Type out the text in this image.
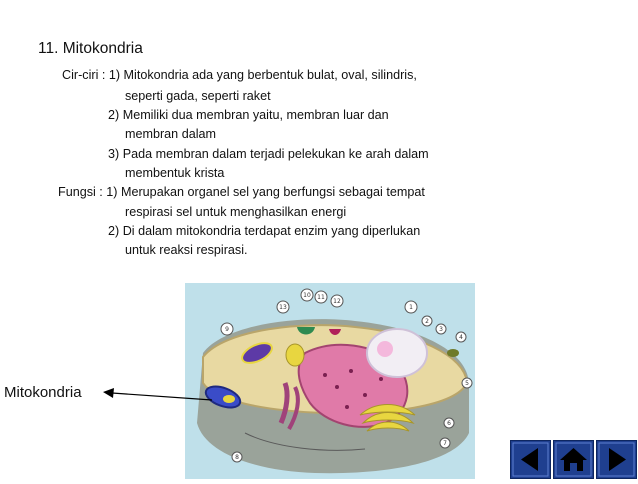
11. Mitokondria
Cir-ciri : 1) Mitokondria ada yang berbentuk bulat, oval, silindris,
seperti gada, seperti raket
2) Memiliki dua membran yaitu, membran luar dan
membran dalam
3) Pada membran dalam terjadi pelekukan ke arah dalam
membentuk krista
Fungsi : 1) Merupakan organel sel yang berfungsi sebagai tempat
respirasi sel untuk menghasilkan energi
2) Di dalam mitokondria terdapat enzim yang diperlukan
untuk reaksi respirasi.
1
2
3
4
5
6
7
8
9
10 11
12
13
Mitokondria
